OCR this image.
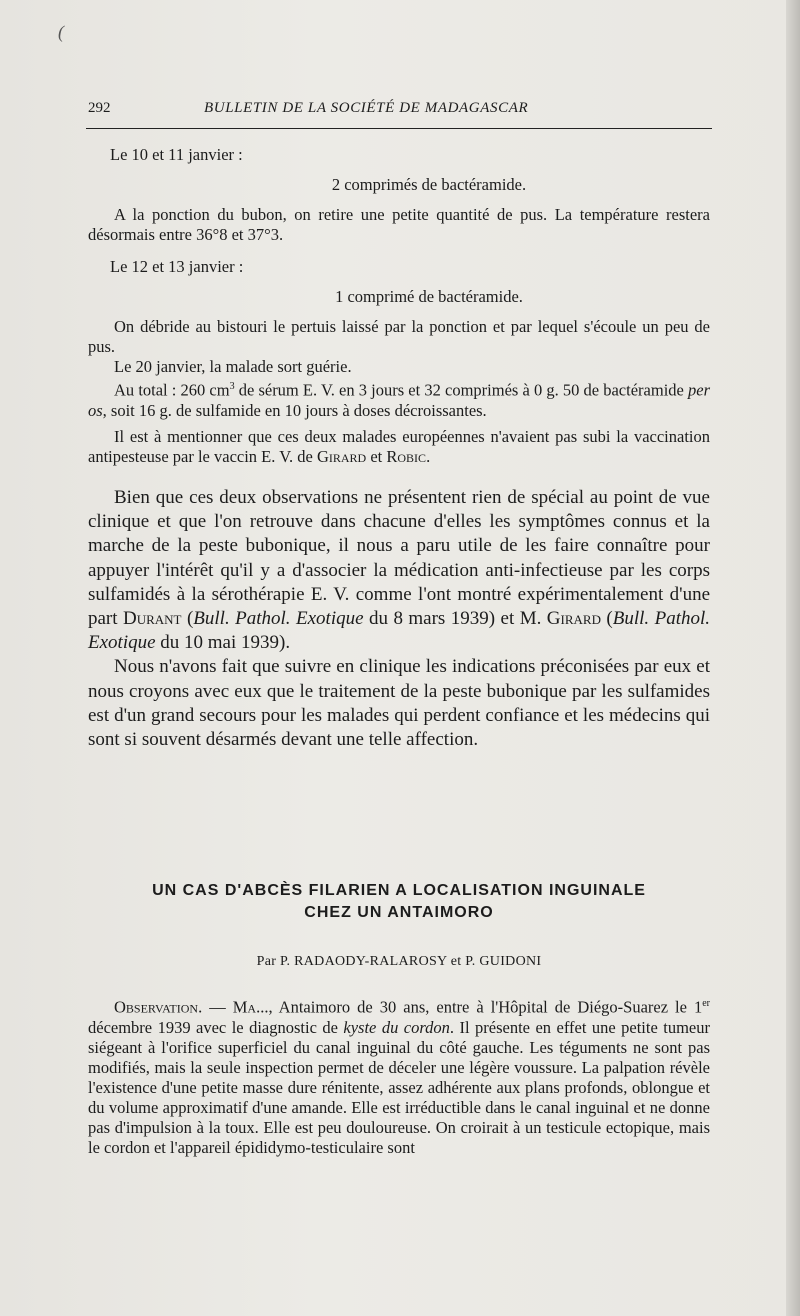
(
292	BULLETIN DE LA SOCIÉTÉ DE MADAGASCAR

Le 10 et 11 janvier :

2 comprimés de bactéramide.

A la ponction du bubon, on retire une petite quantité de pus. La température restera désormais entre 36°8 et 37°3.

Le 12 et 13 janvier :

1 comprimé de bactéramide.

On débride au bistouri le pertuis laissé par la ponction et par lequel s'écoule un peu de pus.

Le 20 janvier, la malade sort guérie.

Au total : 260 $cm^3$ de sérum E. V. en 3 jours et 32 comprimés à 0 g. 50 de bactéramide per os, soit 16 g. de sulfamide en 10 jours à doses décroissantes.

Il est à mentionner que ces deux malades européennes n'avaient pas subi la vaccination antipesteuse par le vaccin E. V. de Girard et Robic.

Bien que ces deux observations ne présentent rien de spécial au point de vue clinique et que l'on retrouve dans chacune d'elles les symptômes connus et la marche de la peste bubonique, il nous a paru utile de les faire connaître pour appuyer l'intérêt qu'il y a d'associer la médication anti-infectieuse par les corps sulfamidés à la sérothérapie E. V. comme l'ont montré expérimentalement d'une part Durant (Bull. Pathol. Exotique du 8 mars 1939) et M. Girard (Bull. Pathol. Exotique du 10 mai 1939).

Nous n'avons fait que suivre en clinique les indications préconisées par eux et nous croyons avec eux que le traitement de la peste bubonique par les sulfamides est d'un grand secours pour les malades qui perdent confiance et les médecins qui sont si souvent désarmés devant une telle affection.

UN CAS D'ABCÈS FILARIEN A LOCALISATION INGUINALE
CHEZ UN ANTAIMORO
Par P. RADAODY-RALAROSY et P. GUIDONI

Observation. — Ma..., Antaimoro de 30 ans, entre à l'Hôpital de Diégo-Suarez le 1er décembre 1939 avec le diagnostic de kyste du cordon. Il présente en effet une petite tumeur siégeant à l'orifice superficiel du canal inguinal du côté gauche. Les téguments ne sont pas modifiés, mais la seule inspection permet de déceler une légère voussure. La palpation révèle l'existence d'une petite masse dure rénitente, assez adhérente aux plans profonds, oblongue et du volume approximatif d'une amande. Elle est irréductible dans le canal inguinal et ne donne pas d'impulsion à la toux. Elle est peu douloureuse. On croirait à un testicule ectopique, mais le cordon et l'appareil épididymo-testiculaire sont
